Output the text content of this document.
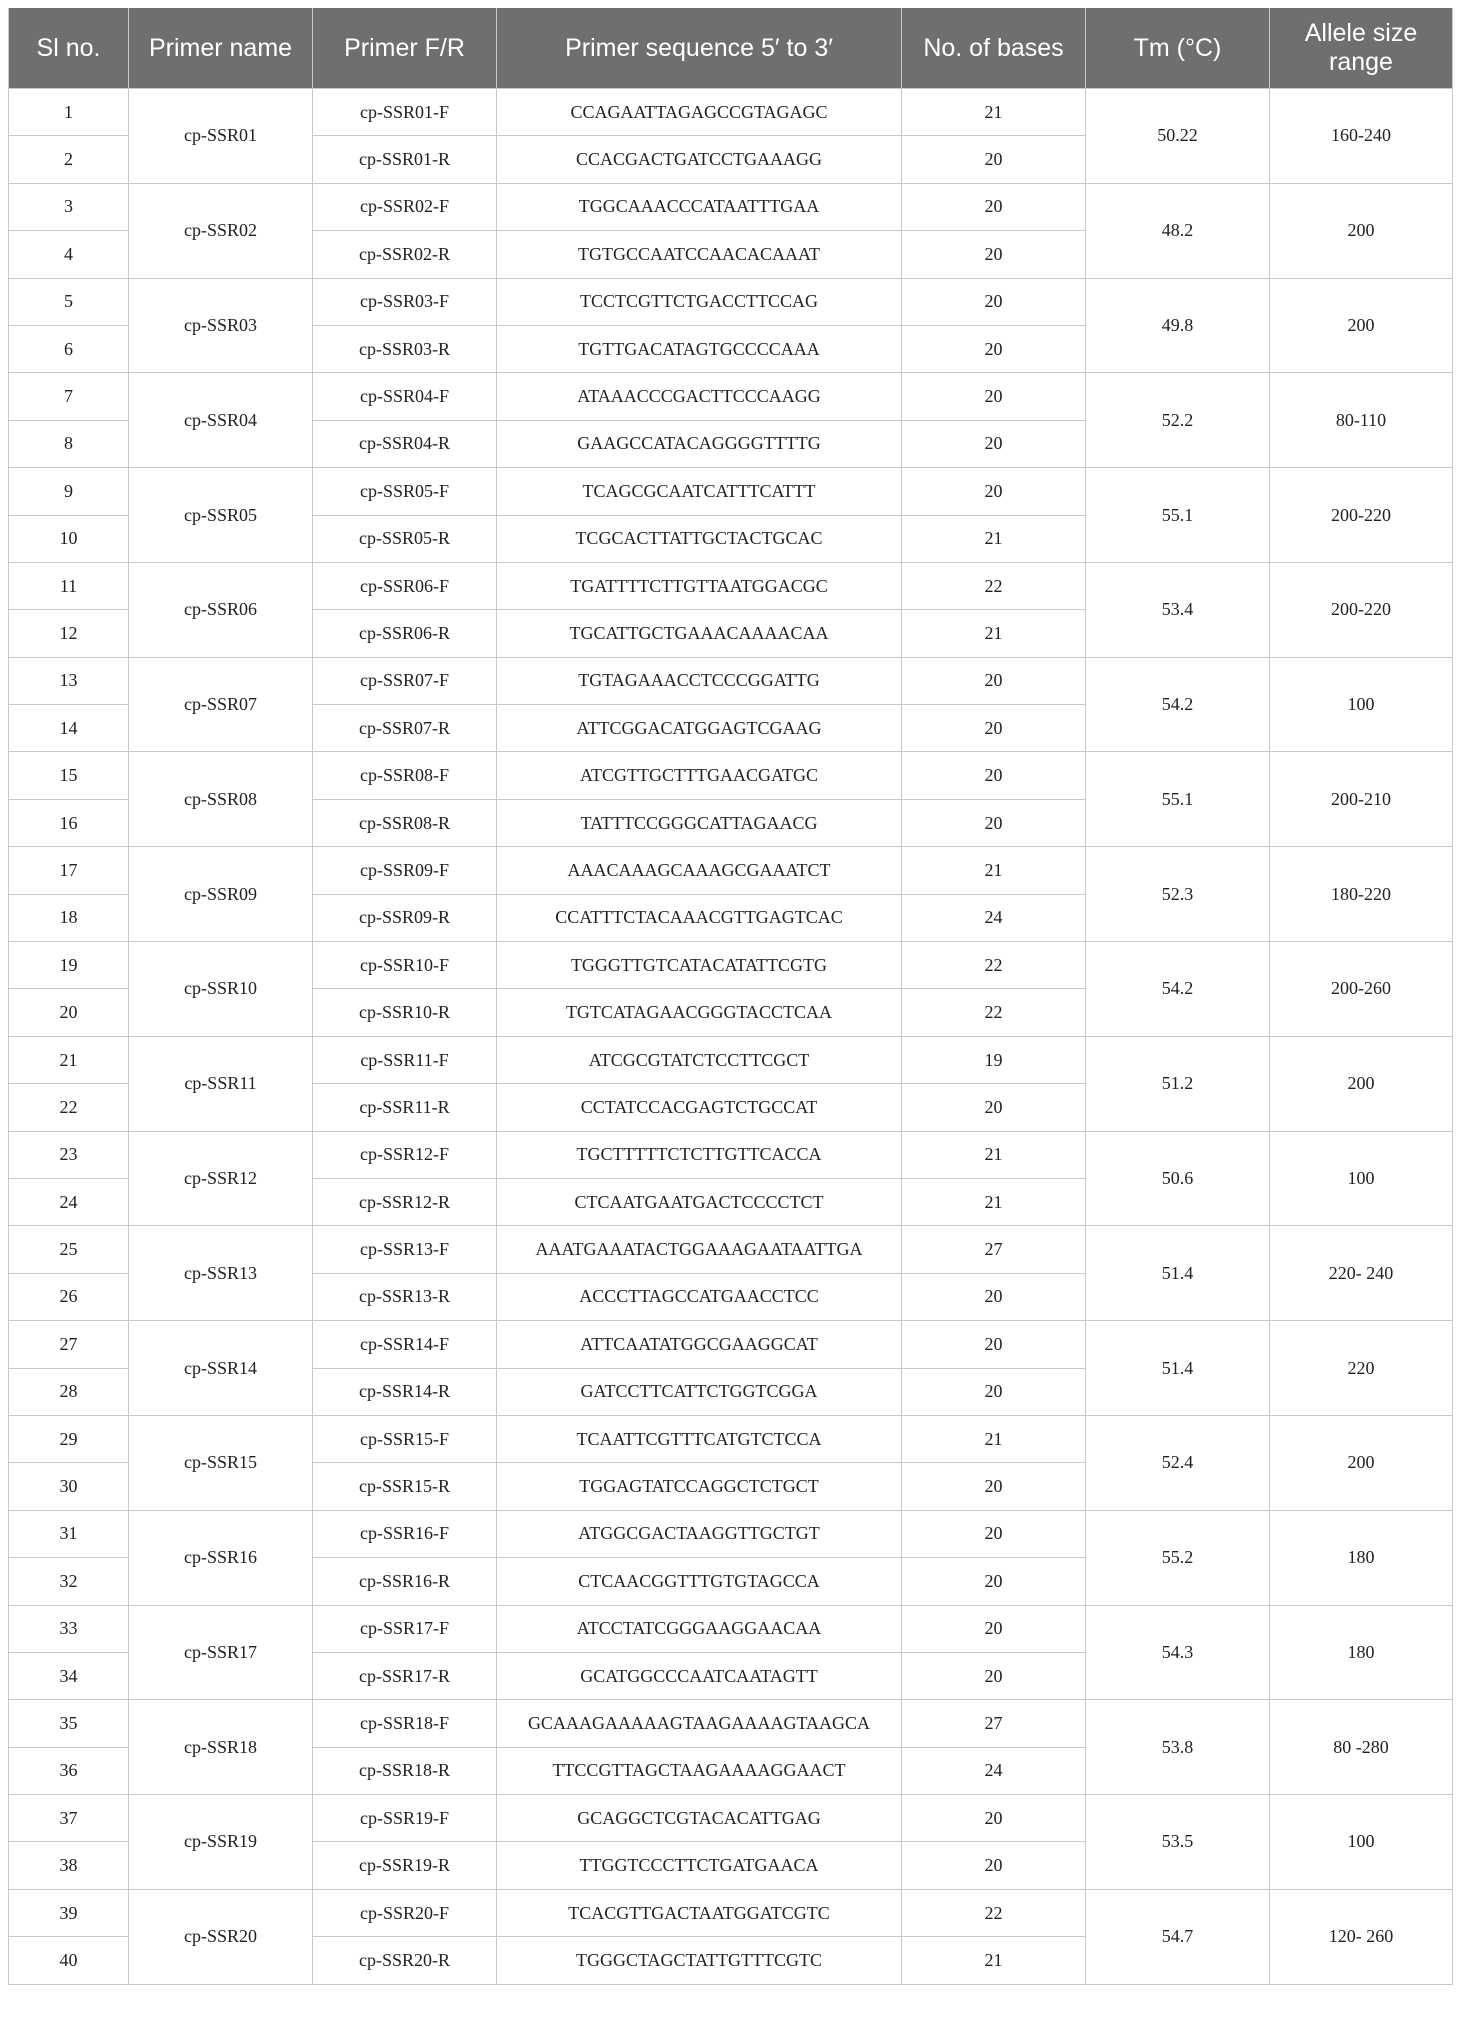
Sl no.	Primer name	Primer F/R	Primer sequence 5′ to 3′	No. of bases	Tm (°C)	Allele size range
1	cp-SSR01	cp-SSR01-F	CCAGAATTAGAGCCGTAGAGC	21	50.22	160-240
2		cp-SSR01-R	CCACGACTGATCCTGAAAGG	20		
3	cp-SSR02	cp-SSR02-F	TGGCAAACCCATAATTTGAA	20	48.2	200
4		cp-SSR02-R	TGTGCCAATCCAACACAAAT	20		
5	cp-SSR03	cp-SSR03-F	TCCTCGTTCTGACCTTCCAG	20	49.8	200
6		cp-SSR03-R	TGTTGACATAGTGCCCCAAA	20		
7	cp-SSR04	cp-SSR04-F	ATAAACCCGACTTCCCAAGG	20	52.2	80-110
8		cp-SSR04-R	GAAGCCATACAGGGGTTTTG	20		
9	cp-SSR05	cp-SSR05-F	TCAGCGCAATCATTTCATTT	20	55.1	200-220
10		cp-SSR05-R	TCGCACTTATTGCTACTGCAC	21		
11	cp-SSR06	cp-SSR06-F	TGATTTTCTTGTTAATGGACGC	22	53.4	200-220
12		cp-SSR06-R	TGCATTGCTGAAACAAAACAA	21		
13	cp-SSR07	cp-SSR07-F	TGTAGAAACCTCCCGGATTG	20	54.2	100
14		cp-SSR07-R	ATTCGGACATGGAGTCGAAG	20		
15	cp-SSR08	cp-SSR08-F	ATCGTTGCTTTGAACGATGC	20	55.1	200-210
16		cp-SSR08-R	TATTTCCGGGCATTAGAACG	20		
17	cp-SSR09	cp-SSR09-F	AAACAAAGCAAAGCGAAATCT	21	52.3	180-220
18		cp-SSR09-R	CCATTTCTACAAACGTTGAGTCAC	24		
19	cp-SSR10	cp-SSR10-F	TGGGTTGTCATACATATTCGTG	22	54.2	200-260
20		cp-SSR10-R	TGTCATAGAACGGGTACCTCAA	22		
21	cp-SSR11	cp-SSR11-F	ATCGCGTATCTCCTTCGCT	19	51.2	200
22		cp-SSR11-R	CCTATCCACGAGTCTGCCAT	20		
23	cp-SSR12	cp-SSR12-F	TGCTTTTTCTCTTGTTCACCA	21	50.6	100
24		cp-SSR12-R	CTCAATGAATGACTCCCCTCT	21		
25	cp-SSR13	cp-SSR13-F	AAATGAAATACTGGAAAGAATAATTGA	27	51.4	220- 240
26		cp-SSR13-R	ACCCTTAGCCATGAACCTCC	20		
27	cp-SSR14	cp-SSR14-F	ATTCAATATGGCGAAGGCAT	20	51.4	220
28		cp-SSR14-R	GATCCTTCATTCTGGTCGGA	20		
29	cp-SSR15	cp-SSR15-F	TCAATTCGTTTCATGTCTCCA	21	52.4	200
30		cp-SSR15-R	TGGAGTATCCAGGCTCTGCT	20		
31	cp-SSR16	cp-SSR16-F	ATGGCGACTAAGGTTGCTGT	20	55.2	180
32		cp-SSR16-R	CTCAACGGTTTGTGTAGCCA	20		
33	cp-SSR17	cp-SSR17-F	ATCCTATCGGGAAGGAACAA	20	54.3	180
34		cp-SSR17-R	GCATGGCCCAATCAATAGTT	20		
35	cp-SSR18	cp-SSR18-F	GCAAAGAAAAAGTAAGAAAAGTAAGCA	27	53.8	80 -280
36		cp-SSR18-R	TTCCGTTAGCTAAGAAAAGGAACT	24		
37	cp-SSR19	cp-SSR19-F	GCAGGCTCGTACACATTGAG	20	53.5	100
38		cp-SSR19-R	TTGGTCCCTTCTGATGAACA	20		
39	cp-SSR20	cp-SSR20-F	TCACGTTGACTAATGGATCGTC	22	54.7	120- 260
40		cp-SSR20-R	TGGGCTAGCTATTGTTTCGTC	21		
